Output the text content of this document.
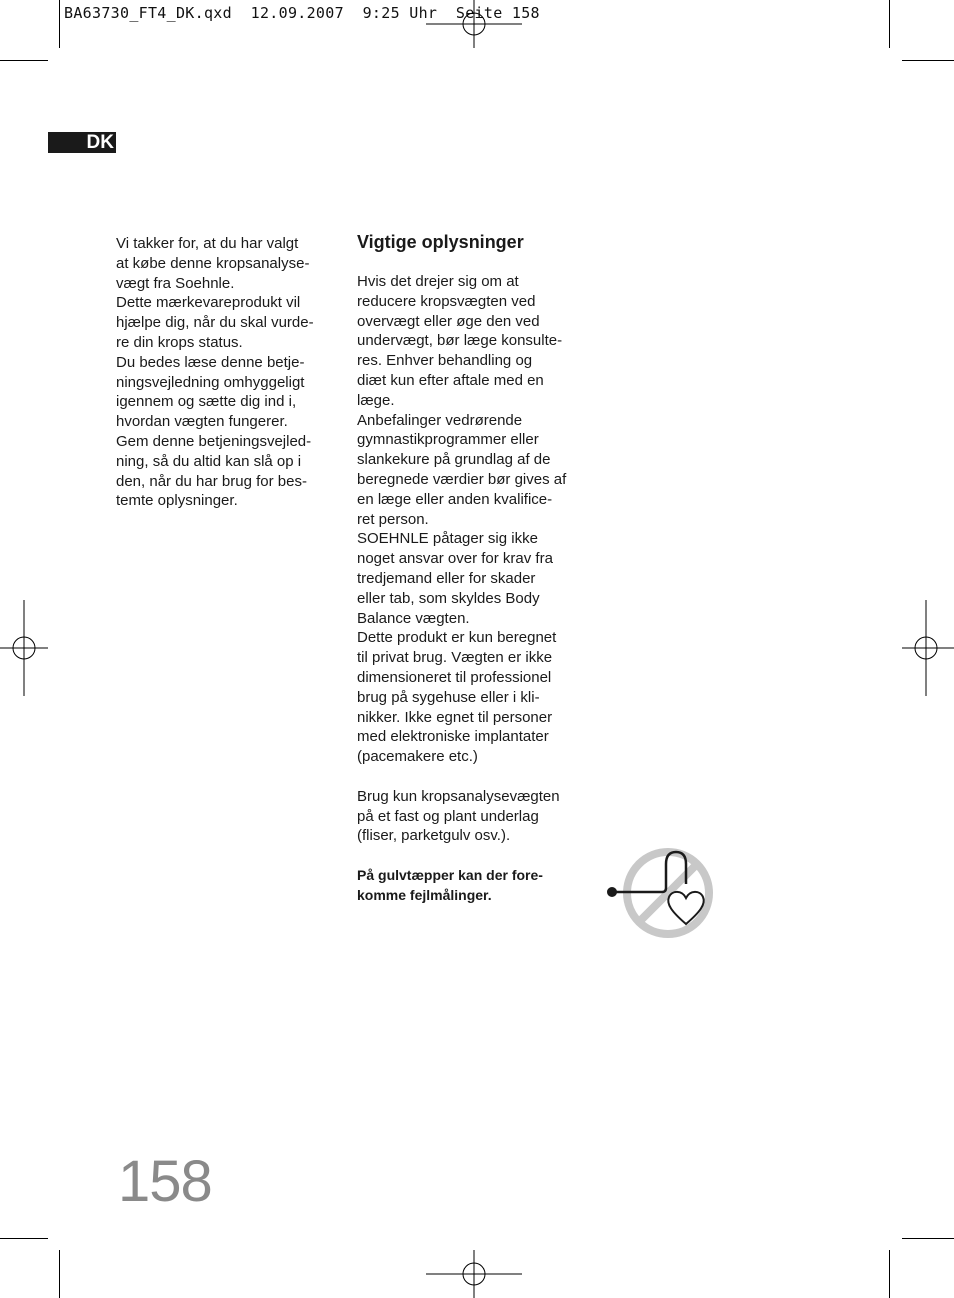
BA63730_FT4_DK.qxd  12.09.2007  9:25 Uhr  Seite 158
DK

Vi takker for, at du har valgt

at købe denne kropsanalyse-

vægt fra Soehnle.

Dette mærkevareprodukt vil

hjælpe dig, når du skal vurde-

re din krops status.

Du bedes læse denne betje-

ningsvejledning omhyggeligt

igennem og sætte dig ind i,

hvordan vægten fungerer.

Gem denne betjeningsvejled-

ning, så du altid kan slå op i

den, når du har brug for bes-

temte oplysninger.

Vigtige oplysninger

Hvis det drejer sig om at

reducere kropsvægten ved

overvægt eller øge den ved

undervægt, bør læge konsulte-

res. Enhver behandling og

diæt kun efter aftale med en

læge.

Anbefalinger vedrørende

gymnastikprogrammer eller

slankekure på grundlag af de

beregnede værdier bør gives af

en læge eller anden kvalifice-

ret person.

SOEHNLE påtager sig ikke

noget ansvar over for krav fra

tredjemand eller for skader

eller tab, som skyldes Body

Balance vægten.

Dette produkt er kun beregnet

til privat brug. Vægten er ikke

dimensioneret til professionel

brug på sygehuse eller i kli-

nikker. Ikke egnet til personer

med elektroniske implantater

(pacemakere etc.)

Brug kun kropsanalysevægten

på et fast og plant underlag

(fliser, parketgulv osv.).

På gulvtæpper kan der fore-

komme fejlmålinger.

158
